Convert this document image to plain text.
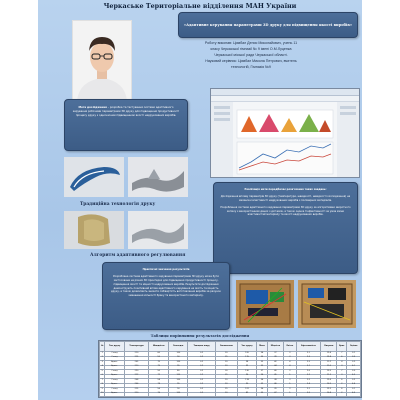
Черкаське Територіальне відділення МАН України
«Адаптивне керування параметрами 3D друку для підвищення якості виробів»
Роботу виконав: Цимбал Денис Миколайович, учень 11
класу Черкаської гімназії № 9 імені О.М.Луценка
Черкаської міської ради Черкаської області.
Науковий керівник: Цимбал Микола Петрович, вчитель
технологій, Гімназія №9
Мета дослідження – розробка та тестування системи адаптивного керування робочими параметрами 3D друку для підвищення продуктивності процесу друку з одночасним підвищенням якості надрукованих виробів.
Традиційна технологія друку
Алгоритм адаптивного регулювання
Реалізація мети передбачає розв'язання таких завдань:
Дослідження впливу параметрів 3D друку (температури, швидкості, швидкості охолодження) на механічні властивості надрукованих виробів з полімерних матеріалів.
Розроблення системи адаптивного керування параметрами 3D друку за алгоритмами зворотного зв'язку з використанням даних з датчиків, а також оцінка її ефективності за умов зміни властивостей матеріалу та якості надрукованих виробів.
Практичні значення результатів
Розроблена система адаптивного керування параметрами 3D друку може бути застосована на різних 3D принтерах для підвищення продуктивності процесу, підвищення якості та міцності надрукованих виробів. Результати дослідження демонструють позитивний вплив адаптивного керування на якість та міцність друку, а також дозволяють знизити собівартість виготовлення виробів за рахунок зменшення кількості браку та використаного матеріалу.
Таблиця порівняння результатів дослідження
№	Тип друку	Температура	Швидкість	Охолодж.	Товщина шару	Заповнення	Час друку	Маса	Міцність	Якість	Ефективність	Витрати	Брак	Оцінка
1	Станд.	210	60	100	0.2	20	120	34	37	3	2,1	12,4	7	3,1
2	Станд.	215	55	90	0.2	25	115	35	39	3	2,3	12,8	6	3,3
3	Адапт.	205	70	100	0.2	20	98	33	42	4	2,9	11,2	4	3,9
4	Адапт.	210	75	95	0.2	20	92	33	44	4	3,1	11,0	3	4,1
5	Станд.	220	50	80	0.2	30	130	37	40	3	2,0	13,5	7	3,0
6	Адапт.	212	72	100	0.2	25	96	34	45	5	3,2	11,3	3	4,3
7	Станд.	208	58	100	0.2	20	118	34	38	3	2,2	12,6	6	3,2
8	Адапт.	206	74	95	0.2	20	90	32	46	5	3,4	10,9	2	4,4
9	Станд.	215	56	90	0.2	25	122	36	39	3	2,1	12,9	6	3,1
10	Адапт.	210	76	100	0.2	20	89	33	47	5	3,5	10,8	2	4,5
